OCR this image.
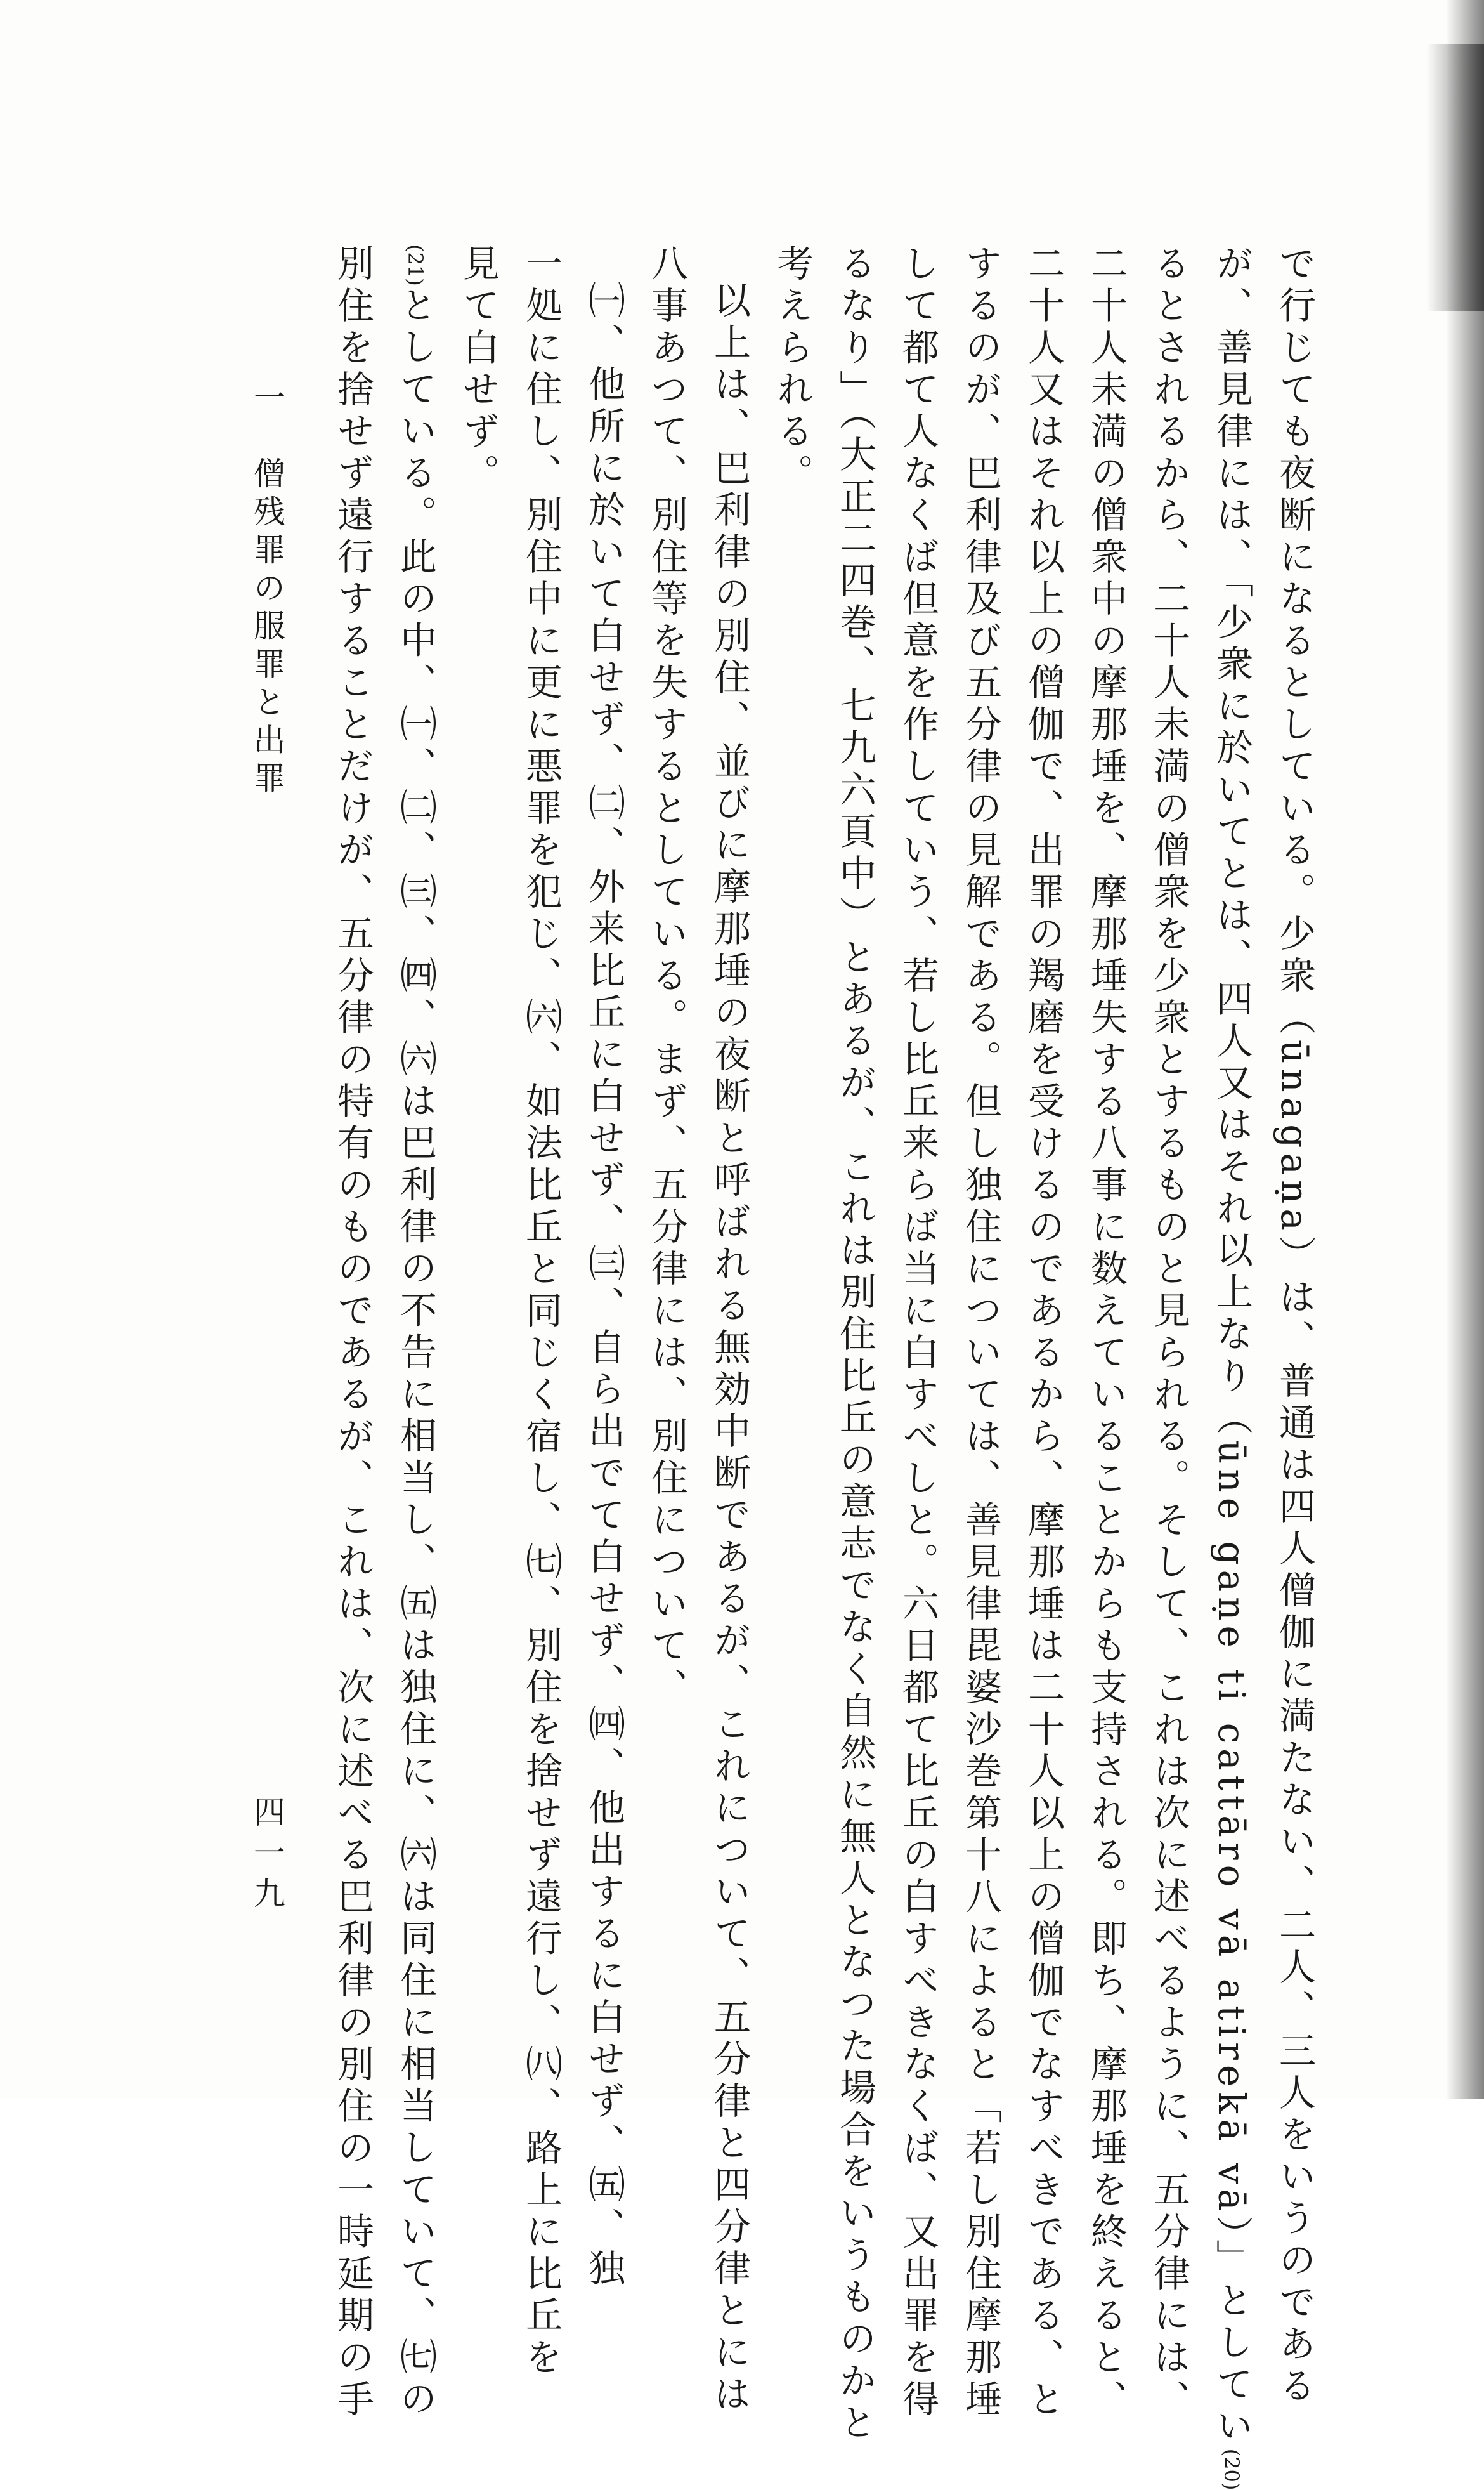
で行じても夜断になるとしている。少衆（ūnagaṇa）は、普通は四人僧伽に満たない、二人、三人をいうのである
が、善見律には、「少衆に於いてとは、四人又はそれ以上なり（ūne gaṇe ti cattāro vā atirekā vā）」としてい(20)
るとされるから、二十人未満の僧衆を少衆とするものと見られる。そして、これは次に述べるように、五分律には、
二十人未満の僧衆中の摩那埵を、摩那埵失する八事に数えていることからも支持される。即ち、摩那埵を終えると、
二十人又はそれ以上の僧伽で、出罪の羯磨を受けるのであるから、摩那埵は二十人以上の僧伽でなすべきである、と
するのが、巴利律及び五分律の見解である。但し独住については、善見律毘婆沙巻第十八によると「若し別住摩那埵
して都て人なくば但意を作していう、若し比丘来らば当に白すべしと。六日都て比丘の白すべきなくば、又出罪を得
るなり」（大正二四巻、七九六頁中）とあるが、これは別住比丘の意志でなく自然に無人となつた場合をいうものかと
考えられる。
以上は、巴利律の別住、並びに摩那埵の夜断と呼ばれる無効中断であるが、これについて、五分律と四分律とには
八事あつて、別住等を失するとしている。まず、五分律には、別住について、
㈠、他所に於いて白せず、㈡、外来比丘に白せず、㈢、自ら出でて白せず、㈣、他出するに白せず、㈤、独
一処に住し、別住中に更に悪罪を犯じ、㈥、如法比丘と同じく宿し、㈦、別住を捨せず遠行し、㈧、路上に比丘を
見て白せず。
(21)としている。此の中、㈠、㈡、㈢、㈣、㈥は巴利律の不告に相当し、㈤は独住に、㈥は同住に相当していて、㈦の
別住を捨せず遠行することだけが、五分律の特有のものであるが、これは、次に述べる巴利律の別住の一時延期の手
一　僧残罪の服罪と出罪
四一九
